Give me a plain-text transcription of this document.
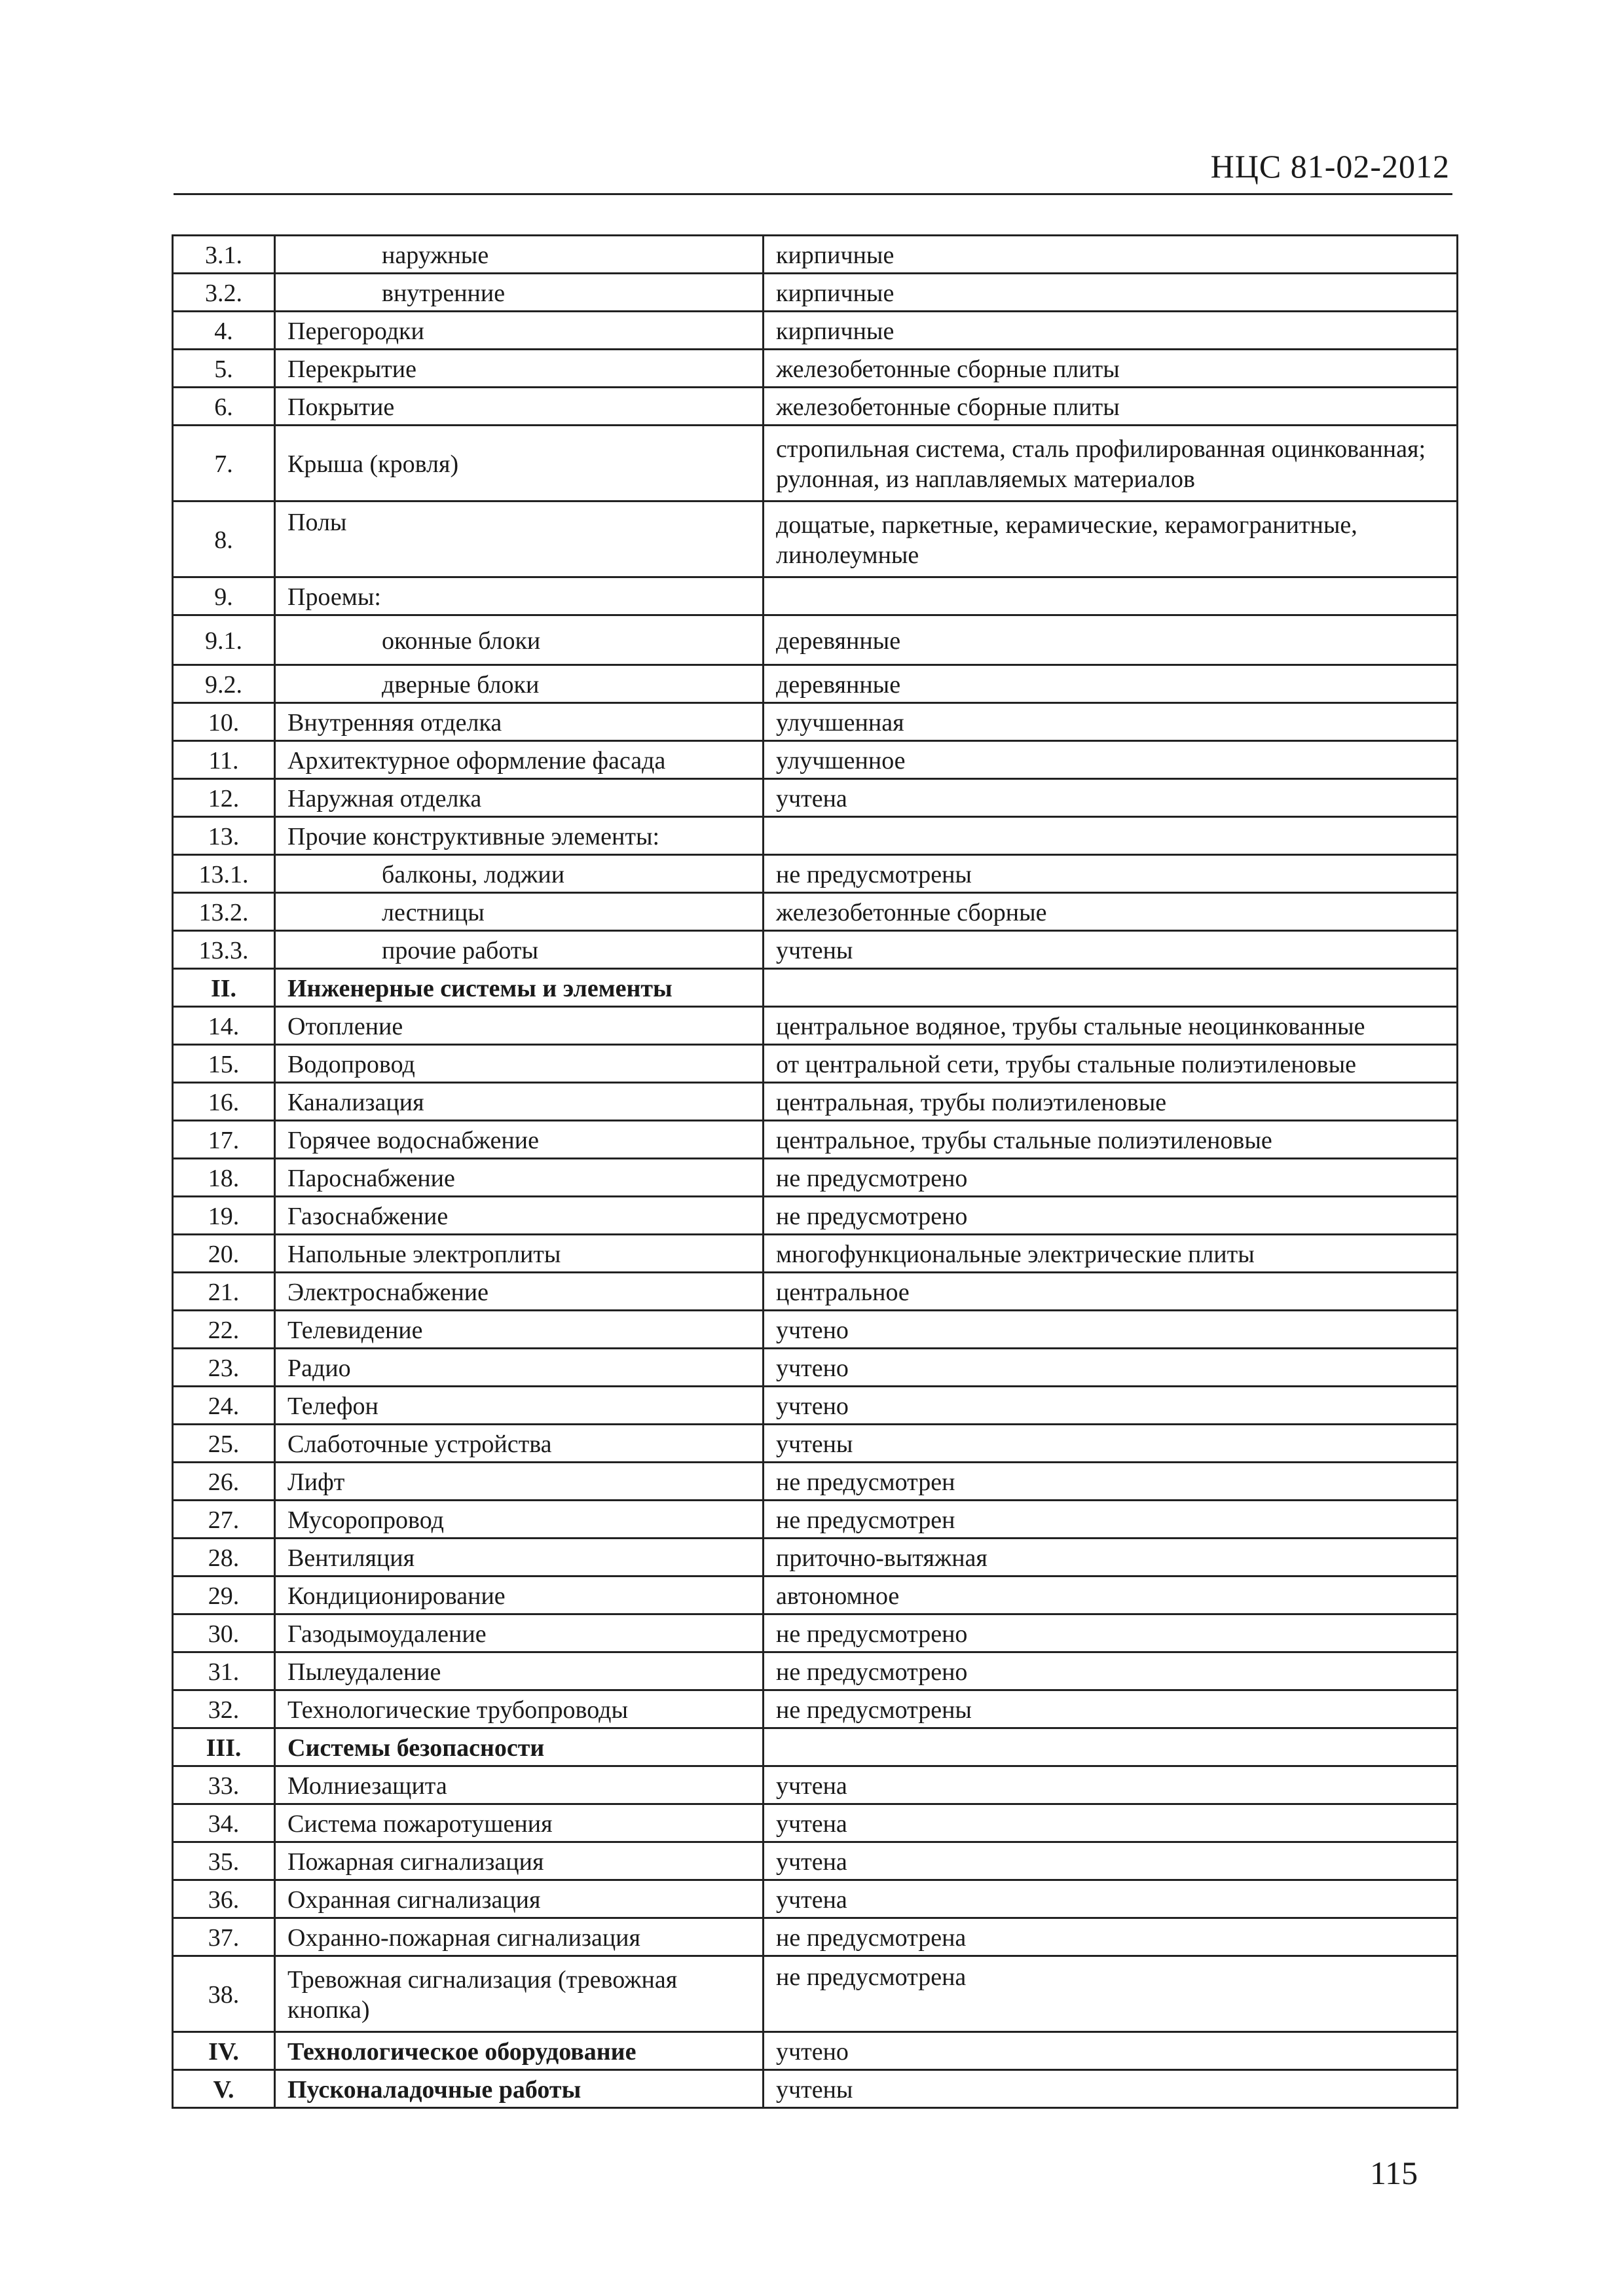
НЦС 81-02-2012
3.1.	наружные	кирпичные
3.2.	внутренние	кирпичные
4.	Перегородки	кирпичные
5.	Перекрытие	железобетонные сборные плиты
6.	Покрытие	железобетонные сборные плиты
7.	Крыша (кровля)	стропильная система, сталь профилированная оцинкованная; рулонная, из наплавляемых материалов
8.	Полы	дощатые, паркетные, керамические, керамогранитные, линолеумные
9.	Проемы:	
9.1.	оконные блоки	деревянные
9.2.	дверные блоки	деревянные
10.	Внутренняя отделка	улучшенная
11.	Архитектурное оформление фасада	улучшенное
12.	Наружная отделка	учтена
13.	Прочие конструктивные элементы:	
13.1.	балконы, лоджии	не предусмотрены
13.2.	лестницы	железобетонные сборные
13.3.	прочие работы	учтены
II.	Инженерные системы и элементы	
14.	Отопление	центральное водяное, трубы стальные неоцинкованные
15.	Водопровод	от центральной сети, трубы стальные полиэтиленовые
16.	Канализация	центральная, трубы полиэтиленовые
17.	Горячее водоснабжение	центральное, трубы стальные полиэтиленовые
18.	Пароснабжение	не предусмотрено
19.	Газоснабжение	не предусмотрено
20.	Напольные электроплиты	многофункциональные электрические плиты
21.	Электроснабжение	центральное
22.	Телевидение	учтено
23.	Радио	учтено
24.	Телефон	учтено
25.	Слаботочные устройства	учтены
26.	Лифт	не предусмотрен
27.	Мусоропровод	не предусмотрен
28.	Вентиляция	приточно-вытяжная
29.	Кондиционирование	автономное
30.	Газодымоудаление	не предусмотрено
31.	Пылеудаление	не предусмотрено
32.	Технологические трубопроводы	не предусмотрены
III.	Системы безопасности	
33.	Молниезащита	учтена
34.	Система пожаротушения	учтена
35.	Пожарная сигнализация	учтена
36.	Охранная сигнализация	учтена
37.	Охранно-пожарная сигнализация	не предусмотрена
38.	Тревожная сигнализация (тревожная кнопка)	не предусмотрена
IV.	Технологическое оборудование	учтено
V.	Пусконаладочные работы	учтены
115
